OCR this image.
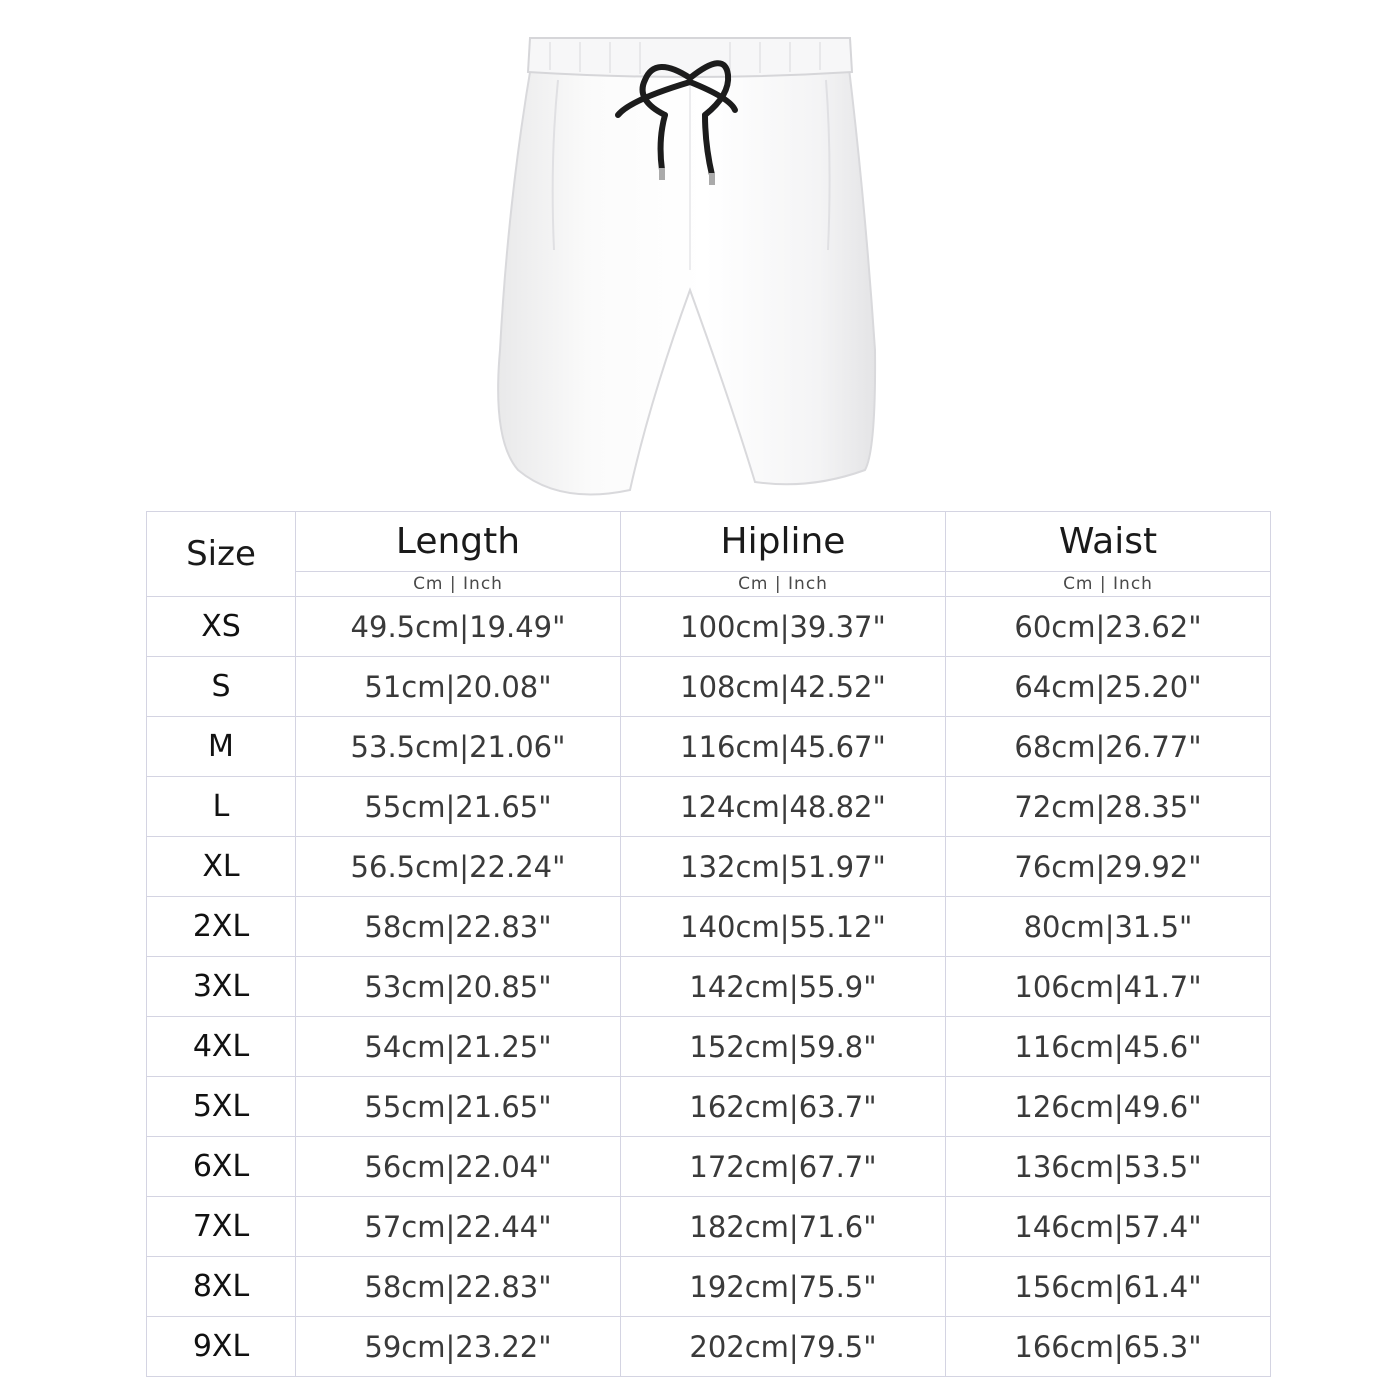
Size	Length	Hipline	Waist
	Cm | Inch	Cm | Inch	Cm | Inch
XS	49.5cm|19.49"	100cm|39.37"	60cm|23.62"
S	51cm|20.08"	108cm|42.52"	64cm|25.20"
M	53.5cm|21.06"	116cm|45.67"	68cm|26.77"
L	55cm|21.65"	124cm|48.82"	72cm|28.35"
XL	56.5cm|22.24"	132cm|51.97"	76cm|29.92"
2XL	58cm|22.83"	140cm|55.12"	80cm|31.5"
3XL	53cm|20.85"	142cm|55.9"	106cm|41.7"
4XL	54cm|21.25"	152cm|59.8"	116cm|45.6"
5XL	55cm|21.65"	162cm|63.7"	126cm|49.6"
6XL	56cm|22.04"	172cm|67.7"	136cm|53.5"
7XL	57cm|22.44"	182cm|71.6"	146cm|57.4"
8XL	58cm|22.83"	192cm|75.5"	156cm|61.4"
9XL	59cm|23.22"	202cm|79.5"	166cm|65.3"
